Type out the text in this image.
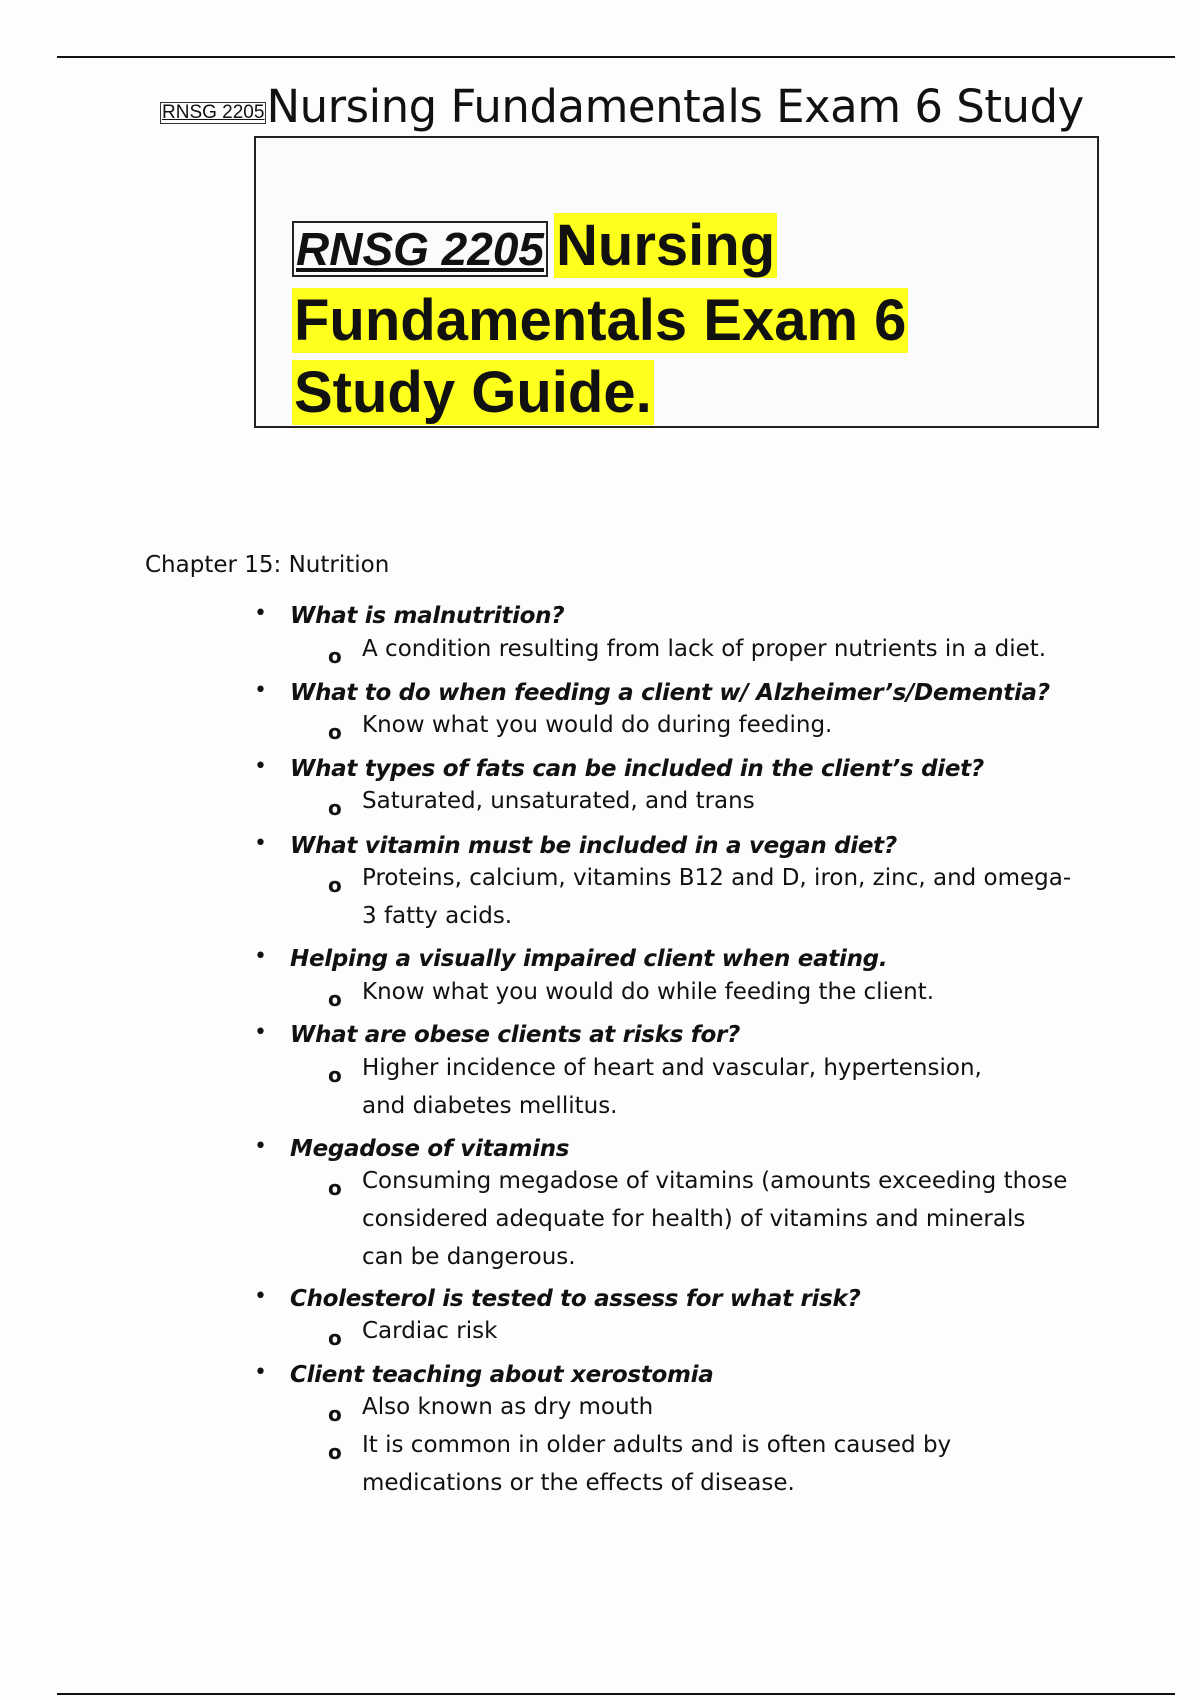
RNSG 2205Nursing Fundamentals Exam 6 Study
RNSG 2205 Nursing
Fundamentals Exam 6
Study Guide.
Chapter 15: Nutrition
• What is malnutrition?
o A condition resulting from lack of proper nutrients in a diet.
• What to do when feeding a client w/ Alzheimer’s/Dementia?
o Know what you would do during feeding.
• What types of fats can be included in the client’s diet?
o Saturated, unsaturated, and trans
• What vitamin must be included in a vegan diet?
o Proteins, calcium, vitamins B12 and D, iron, zinc, and omega-
3 fatty acids.
• Helping a visually impaired client when eating.
o Know what you would do while feeding the client.
• What are obese clients at risks for?
o Higher incidence of heart and vascular, hypertension,
and diabetes mellitus.
• Megadose of vitamins
o Consuming megadose of vitamins (amounts exceeding those
considered adequate for health) of vitamins and minerals
can be dangerous.
• Cholesterol is tested to assess for what risk?
o Cardiac risk
• Client teaching about xerostomia
o Also known as dry mouth
o It is common in older adults and is often caused by
medications or the effects of disease.
